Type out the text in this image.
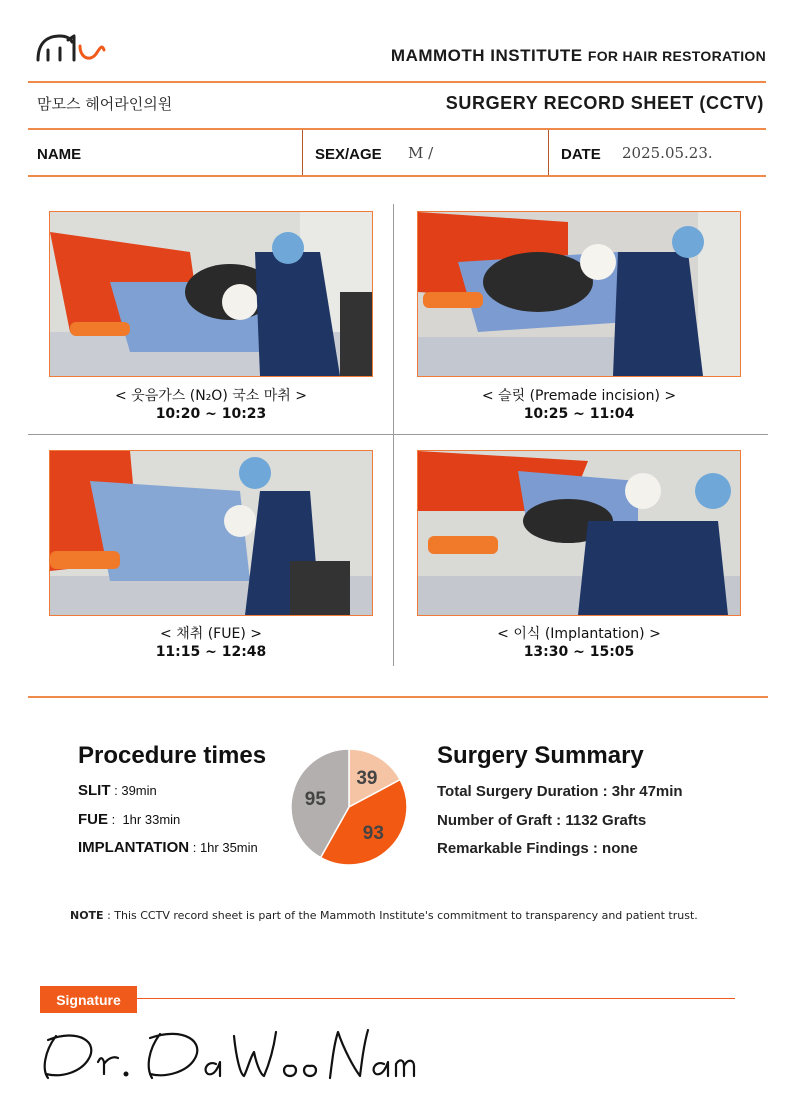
MAMMOTH INSTITUTE FOR HAIR RESTORATION
맘모스 헤어라인의원	SURGERY RECORD SHEET (CCTV)
NAME	SEX/AGE M /	DATE 2025.05.23.
< 웃음가스 (N₂O) 국소 마취 >
10:20 ~ 10:23
< 슬릿 (Premade incision) >
10:25 ~ 11:04
< 채취 (FUE) >
11:15 ~ 12:48
< 이식 (Implantation) >
13:30 ~ 15:05
Procedure times
SLIT : 39min
FUE :  1hr 33min
IMPLANTATION : 1hr 35min
39
93
95
Surgery Summary
Total Surgery Duration : 3hr 47min
Number of Graft : 1132 Grafts
Remarkable Findings : none
NOTE : This CCTV record sheet is part of the Mammoth Institute's commitment to transparency and patient trust.
Signature
